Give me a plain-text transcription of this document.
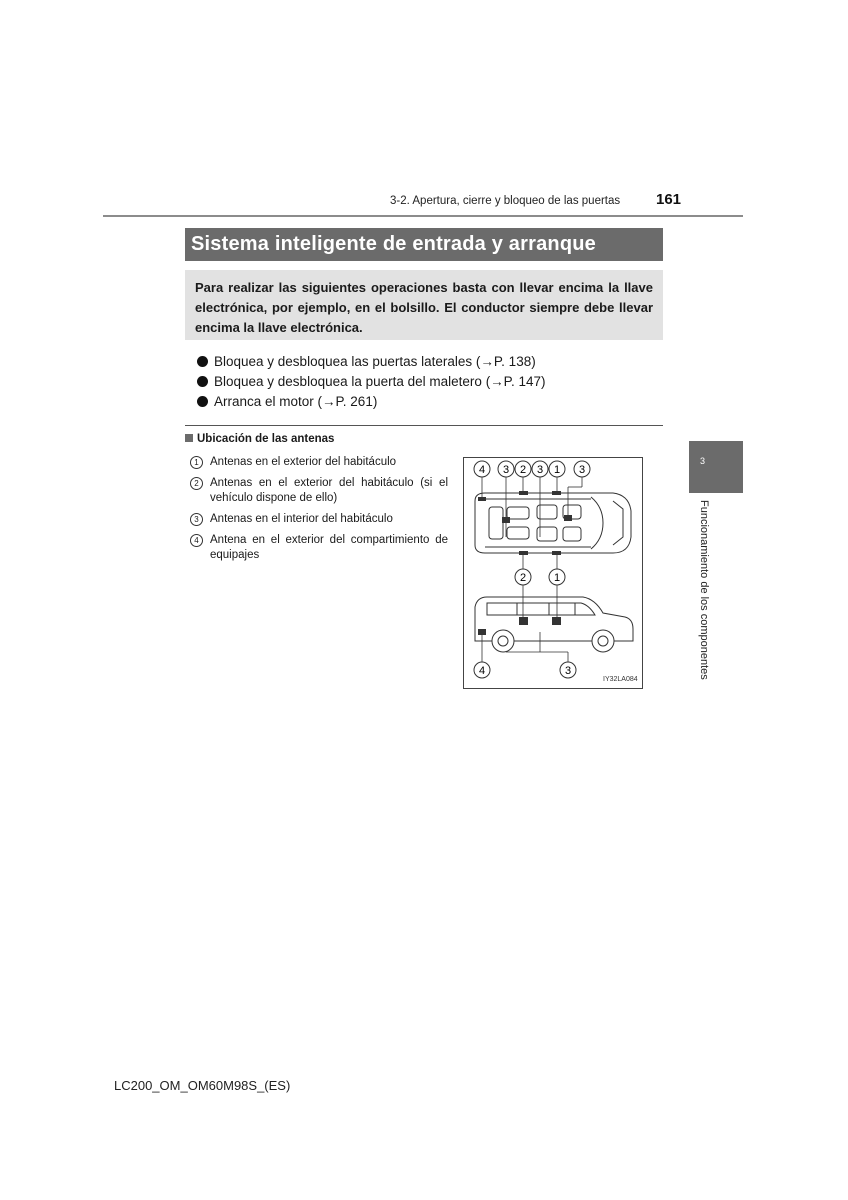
3-2. Apertura, cierre y bloqueo de las puertas 161
Sistema inteligente de entrada y arranque
Para realizar las siguientes operaciones basta con llevar encima la llave electrónica, por ejemplo, en el bolsillo. El conductor siempre debe llevar encima la llave electrónica.
Bloquea y desbloquea las puertas laterales (→P. 138)
Bloquea y desbloquea la puerta del maletero (→P. 147)
Arranca el motor (→P. 261)
Ubicación de las antenas
1 Antenas en el exterior del habitáculo
2 Antenas en el exterior del habitáculo (si el vehículo dispone de ello)
3 Antenas en el interior del habitáculo
4 Antena en el exterior del compartimiento de equipajes
4 3 2 3 1 3
2	1
4	3
IY32LA084
3
Funcionamiento de los componentes
LC200_OM_OM60M98S_(ES)
